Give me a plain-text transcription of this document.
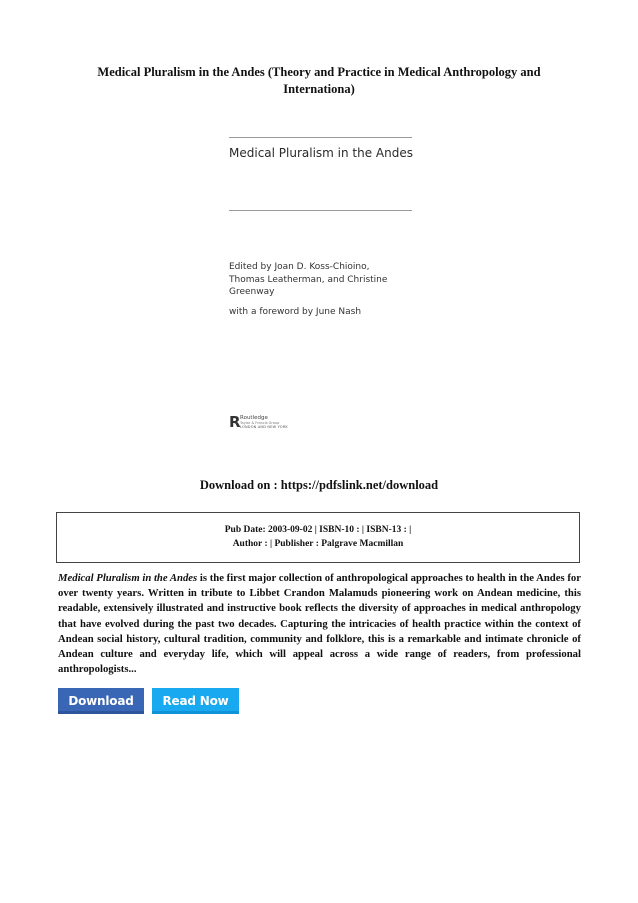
Medical Pluralism in the Andes (Theory and Practice in Medical Anthropology and Internationa)
Medical Pluralism in the Andes
Edited by Joan D. Koss-Chioino,
Thomas Leatherman, and Christine
Greenway
with a foreword by June Nash
R Routledge
Taylor & Francis Group
LONDON AND NEW YORK

Download on : https://pdfslink.net/download

Pub Date: 2003-09-02 | ISBN-10 : | ISBN-13 : |
Author : | Publisher : Palgrave Macmillan

Medical Pluralism in the Andes is the first major collection of anthropological approaches to health in the Andes for over twenty years. Written in tribute to Libbet Crandon Malamuds pioneering work on Andean medicine, this readable, extensively illustrated and instructive book reflects the diversity of approaches in medical anthropology that have evolved during the past two decades. Capturing the intricacies of health practice within the context of Andean social history, cultural tradition, community and folklore, this is a remarkable and intimate chronicle of Andean culture and everyday life, which will appeal across a wide range of readers, from professional anthropologists...

Download	Read Now
